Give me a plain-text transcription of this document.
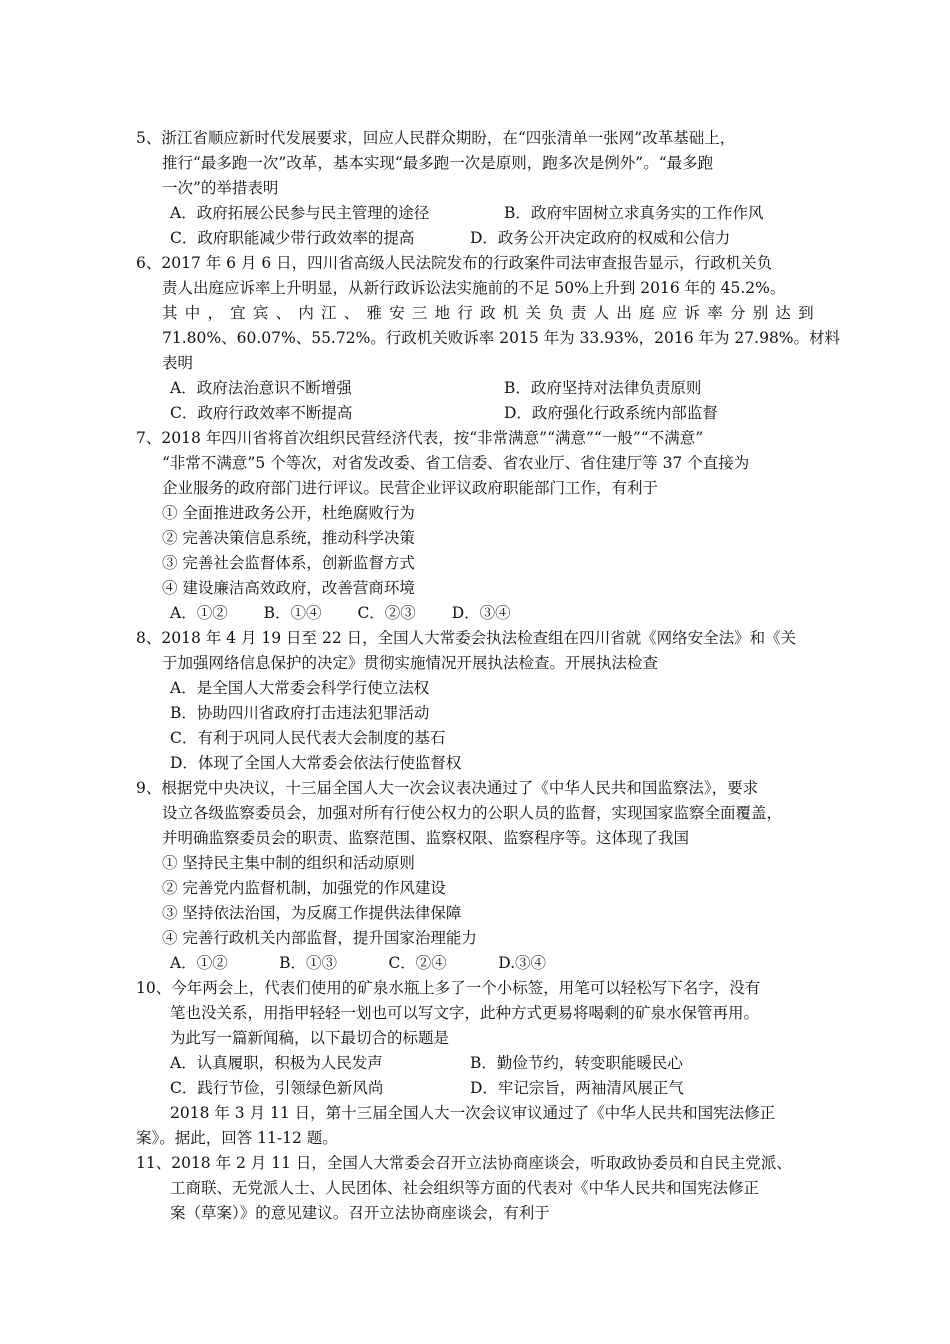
5、浙江省顺应新时代发展要求，回应人民群众期盼，在“四张清单一张网”改革基础上，
推行“最多跑一次”改革，基本实现“最多跑一次是原则，跑多次是例外”。“最多跑
一次”的举措表明
A．政府拓展公民参与民主管理的途径	B．政府牢固树立求真务实的工作作风
C．政府职能减少带行政效率的提高	D．政务公开决定政府的权威和公信力
6、2017 年 6 月 6 日，四川省高级人民法院发布的行政案件司法审查报告显示，行政机关负
责人出庭应诉率上升明显，从新行政诉讼法实施前的不足 50%上升到 2016 年的 45.2%。
其 中 ， 宜 宾 、 内 江 、 雅 安 三 地 行 政 机 关 负 责 人 出 庭 应 诉 率 分 别 达 到
71.80%、60.07%、55.72%。行政机关败诉率 2015 年为 33.93%，2016 年为 27.98%。材料
表明
A．政府法治意识不断增强	B．政府坚持对法律负责原则
C．政府行政效率不断提高	D．政府强化行政系统内部监督
7、2018 年四川省将首次组织民营经济代表，按“非常满意”“满意”“一般”“不满意”
“非常不满意”5 个等次，对省发改委、省工信委、省农业厅、省住建厅等 37 个直接为
企业服务的政府部门进行评议。民营企业评议政府职能部门工作，有利于
① 全面推进政务公开，杜绝腐败行为
② 完善决策信息系统，推动科学决策
③ 完善社会监督体系，创新监督方式
④ 建设廉洁高效政府，改善营商环境
A．①②　　 B．①④　　 C．②③　　 D．③④
8、2018 年 4 月 19 日至 22 日，全国人大常委会执法检查组在四川省就《网络安全法》和《关
于加强网络信息保护的决定》贯彻实施情况开展执法检查。开展执法检查
A．是全国人大常委会科学行使立法权
B．协助四川省政府打击违法犯罪活动
C．有利于巩同人民代表大会制度的基石
D．体现了全国人大常委会依法行使监督权
9、根据党中央决议，十三届全国人大一次会议表决通过了《中华人民共和国监察法》，要求
设立各级监察委员会，加强对所有行使公权力的公职人员的监督，实现国家监察全面覆盖，
并明确监察委员会的职责、监察范围、监察权限、监察程序等。这体现了我国
① 坚持民主集中制的组织和活动原则
② 完善党内监督机制，加强党的作风建设
③ 坚持依法治国，为反腐工作提供法律保障
④ 完善行政机关内部监督，提升国家治理能力
A．①②　　　 B．①③　　　 C．②④　　　 D.③④
10、今年两会上，代表们使用的矿泉水瓶上多了一个小标签，用笔可以轻松写下名字，没有
笔也没关系，用指甲轻轻一划也可以写文字，此种方式更易将喝剩的矿泉水保管再用。
为此写一篇新闻稿，以下最切合的标题是
A．认真履职，积极为人民发声	B．勤俭节约，转变职能暖民心
C．践行节俭，引领绿色新风尚	D．牢记宗旨，两袖清风展正气
2018 年 3 月 11 日，第十三届全国人大一次会议审议通过了《中华人民共和国宪法修正
案》。据此，回答 11-12 题。
11、2018 年 2 月 11 日，全国人大常委会召开立法协商座谈会，听取政协委员和自民主党派、
工商联、无党派人士、人民团体、社会组织等方面的代表对《中华人民共和国宪法修正
案（草案）》的意见建议。召开立法协商座谈会，有利于
